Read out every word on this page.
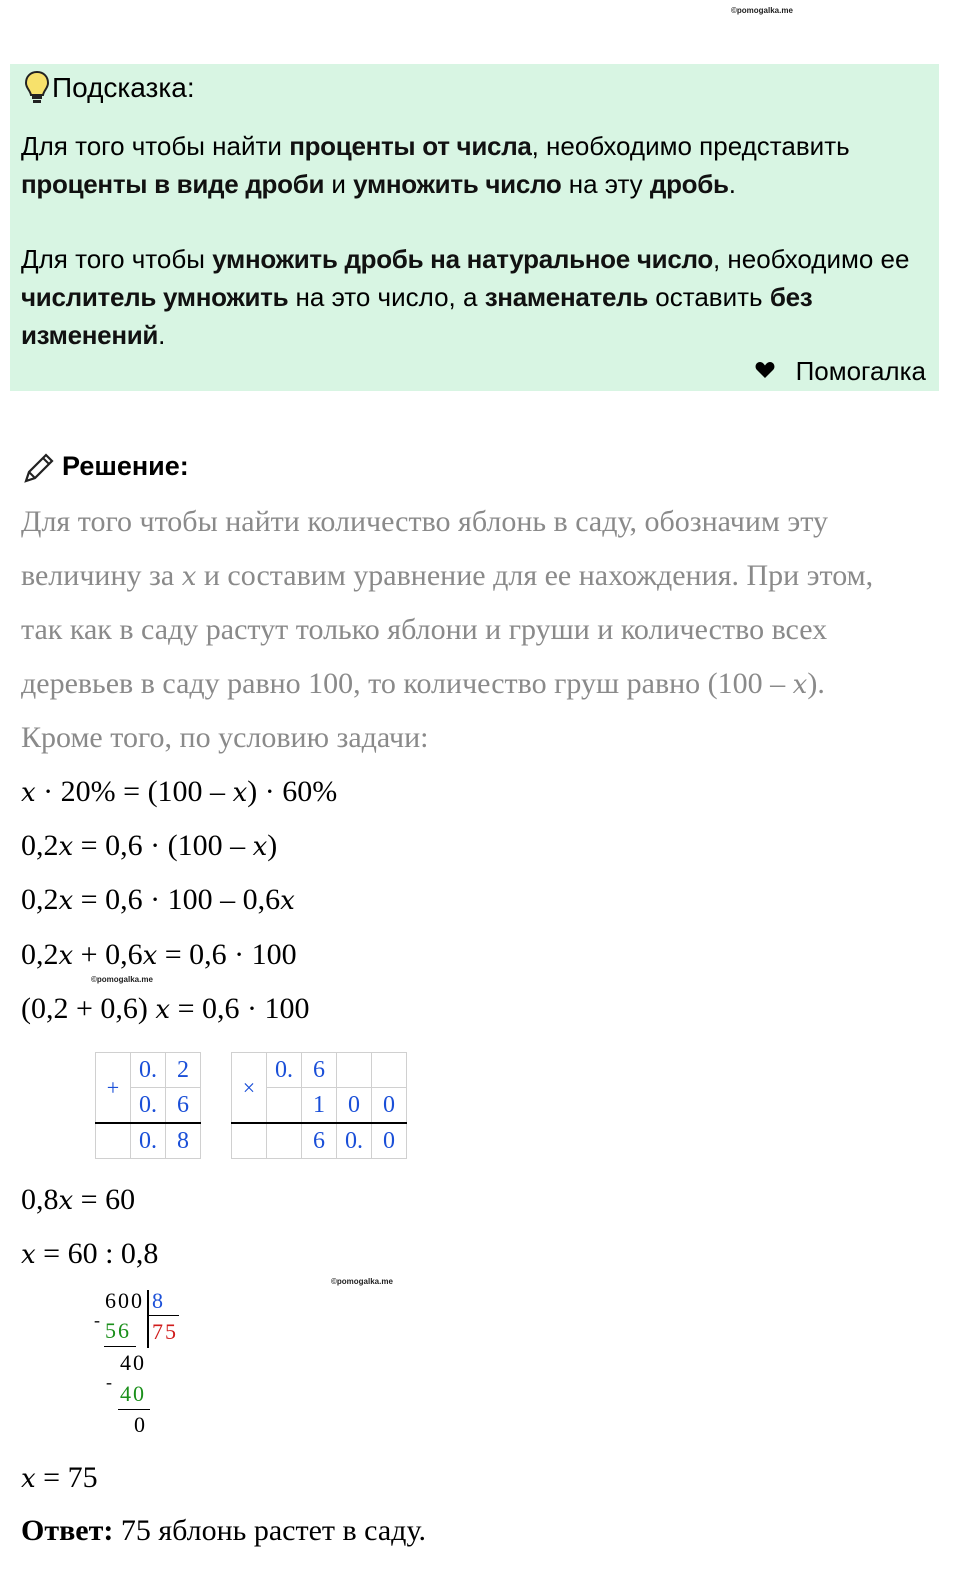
©pomogalka.me
Подсказка:
Для того чтобы найти проценты от числа, необходимо представить проценты в виде дроби и умножить число на эту дробь.
Для того чтобы умножить дробь на натуральное число, необходимо ее числитель умножить на это число, а знаменатель оставить без изменений.
Помогалка
Решение:
Для того чтобы найти количество яблонь в саду, обозначим эту
величину за x и составим уравнение для ее нахождения. При этом,
так как в саду растут только яблони и груши и количество всех
деревьев в саду равно 100, то количество груш равно (100 – x).
Кроме того, по условию задачи:
x · 20% = (100 – x) · 60%
0,2x = 0,6 · (100 – x)
0,2x = 0,6 · 100 – 0,6x
0,2x + 0,6x = 0,6 · 100
©pomogalka.me
(0,2 + 0,6) x = 0,6 · 100
+	0.	2
	0.	6
	0.	8
×	0.	6		
		1	0	0
		6	0.	0
0,8x = 60
x = 60 : 0,8
©pomogalka.me
600 8
- 56 75
40
- 40
0
x = 75
Ответ: 75 яблонь растет в саду.
